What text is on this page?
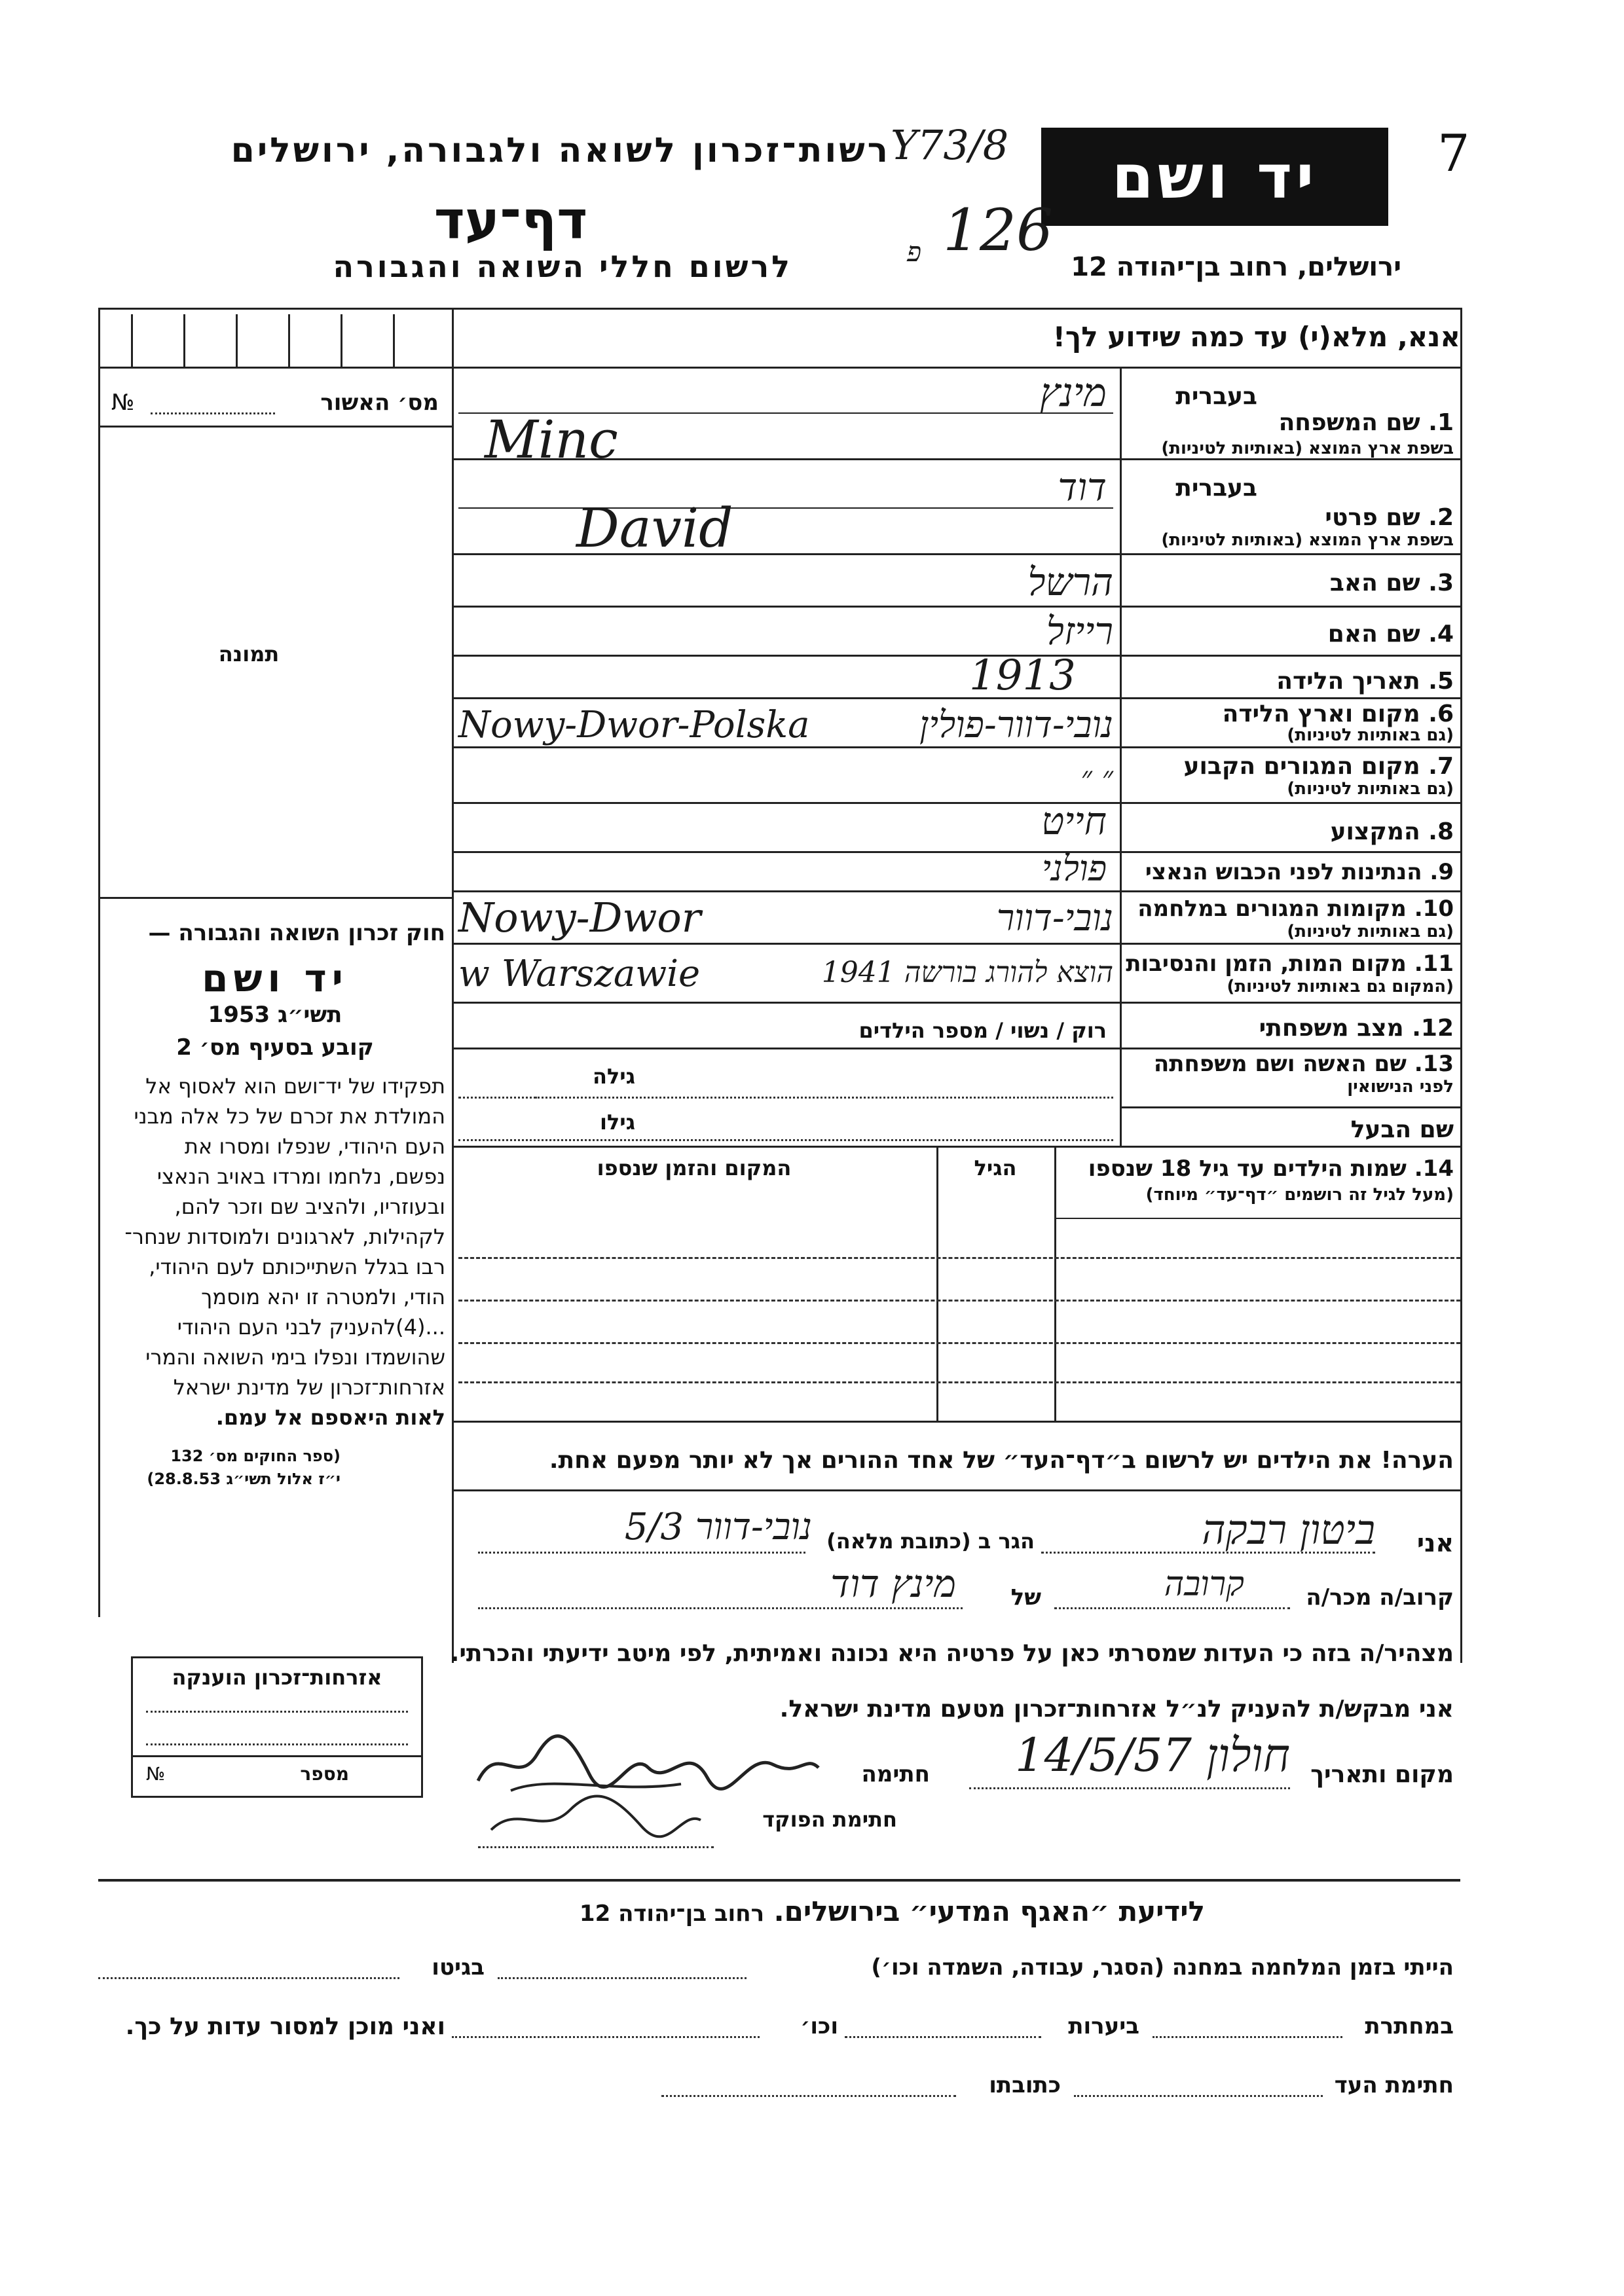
7
רשות־זכרון לשואה ולגבורה, ירושלים Y73/8 יד ושם
דף־עד	126
פ
לרשום חללי השואה והגבורה	ירושלים, רחוב בן־יהודה 12
אנא, מלא(י) עד כמה שידוע לך!
מס׳ האשור
№
תמונה
חוק זכרון השואה והגבורה —
יד ושם
תשי״ג 1953
קובע בסעיף מס׳ 2
תפקידו של יד־ושם הוא לאסוף אל
המולדת את זכרם של כל אלה מבני
העם היהודי, שנפלו ומסרו את
נפשם, נלחמו ומרדו באויב הנאצי
ובעוזריו, ולהציב שם וזכר להם,
לקהילות, לארגונים ולמוסדות שנחר־
רבו בגלל השתייכותם לעם היהודי,
הודי, ולמטרה זו יהא מוסמך
...(4)להעניק לבני העם היהודי
שהושמדו ונפלו בימי השואה והמרי
אזרחות־זכרון של מדינת ישראל
לאות היאספם אל עמם.
(ספר החוקים מס׳ 132
י״ז אלול תשי״ג 28.8.53)
אזרחות־זכרון הוענקה
מספר
№
בעברית
1. שם המשפחה
בשפת ארץ המוצא (באותיות לטיניות)
מינץ
Minc
בעברית
2. שם פרטי
בשפת ארץ המוצא (באותיות לטיניות)
דוד
David
3. שם האב
הרשל
4. שם האם
רייזל
5. תאריך הלידה
1913
6. מקום וארץ הלידה
(גם באותיות לטיניות)
Nowy-Dwor-Polska	נובי-דוור-פולין
7. מקום המגורים הקבוע
(גם באותיות לטיניות)
״ ״
8. המקצוע
חייט
9. הנתינות לפני הכבוש הנאצי
פולני
10. מקומות המגורים במלחמה
(גם באותיות לטיניות)
Nowy-Dwor	נובי-דוור
11. מקום המות, הזמן והנסיבות
(המקום גם באותיות לטיניות)
w Warszawie	הוצא להורג בורשה 1941
12. מצב משפחתי
רוק / נשוי / מספר הילדים
13. שם האשה ושם משפחתה
לפני הנישואין
גילה
שם הבעל
גילו
14. שמות הילדים עד גיל 18 שנספו
(מעל לגיל זה רושמים ״דף־עד״ מיוחד)
הגיל
המקום והזמן שנספו
הערה! את הילדים יש לרשום ב״דף־העד״ של אחד ההורים אך לא יותר מפעם אחת.
אני
ביטון רבקה
הגר ב (כתובת מלאה)
נובי-דוור 5/3
קרוב/ה מכר/ה
קרובה
של
מינץ דוד
מצהיר/ה בזה כי העדות שמסרתי כאן על פרטיה היא נכונה ואמיתית, לפי מיטב ידיעתי והכרתי.
אני מבקש/ת להעניק לנ״ל אזרחות־זכרון מטעם מדינת ישראל.
מקום ותאריך
חולון 14/5/57
חתימה
חתימת הפוקד
לידיעת ״האגף המדעי״ בירושלים. רחוב בן־יהודה 12
הייתי בזמן המלחמה במחנה (הסגר, עבודה, השמדה וכו׳)
בגיטו
במחתרת
ביערות
וכו׳
ואני מוכן למסור עדות על כך.
חתימת העד
כתובתו
